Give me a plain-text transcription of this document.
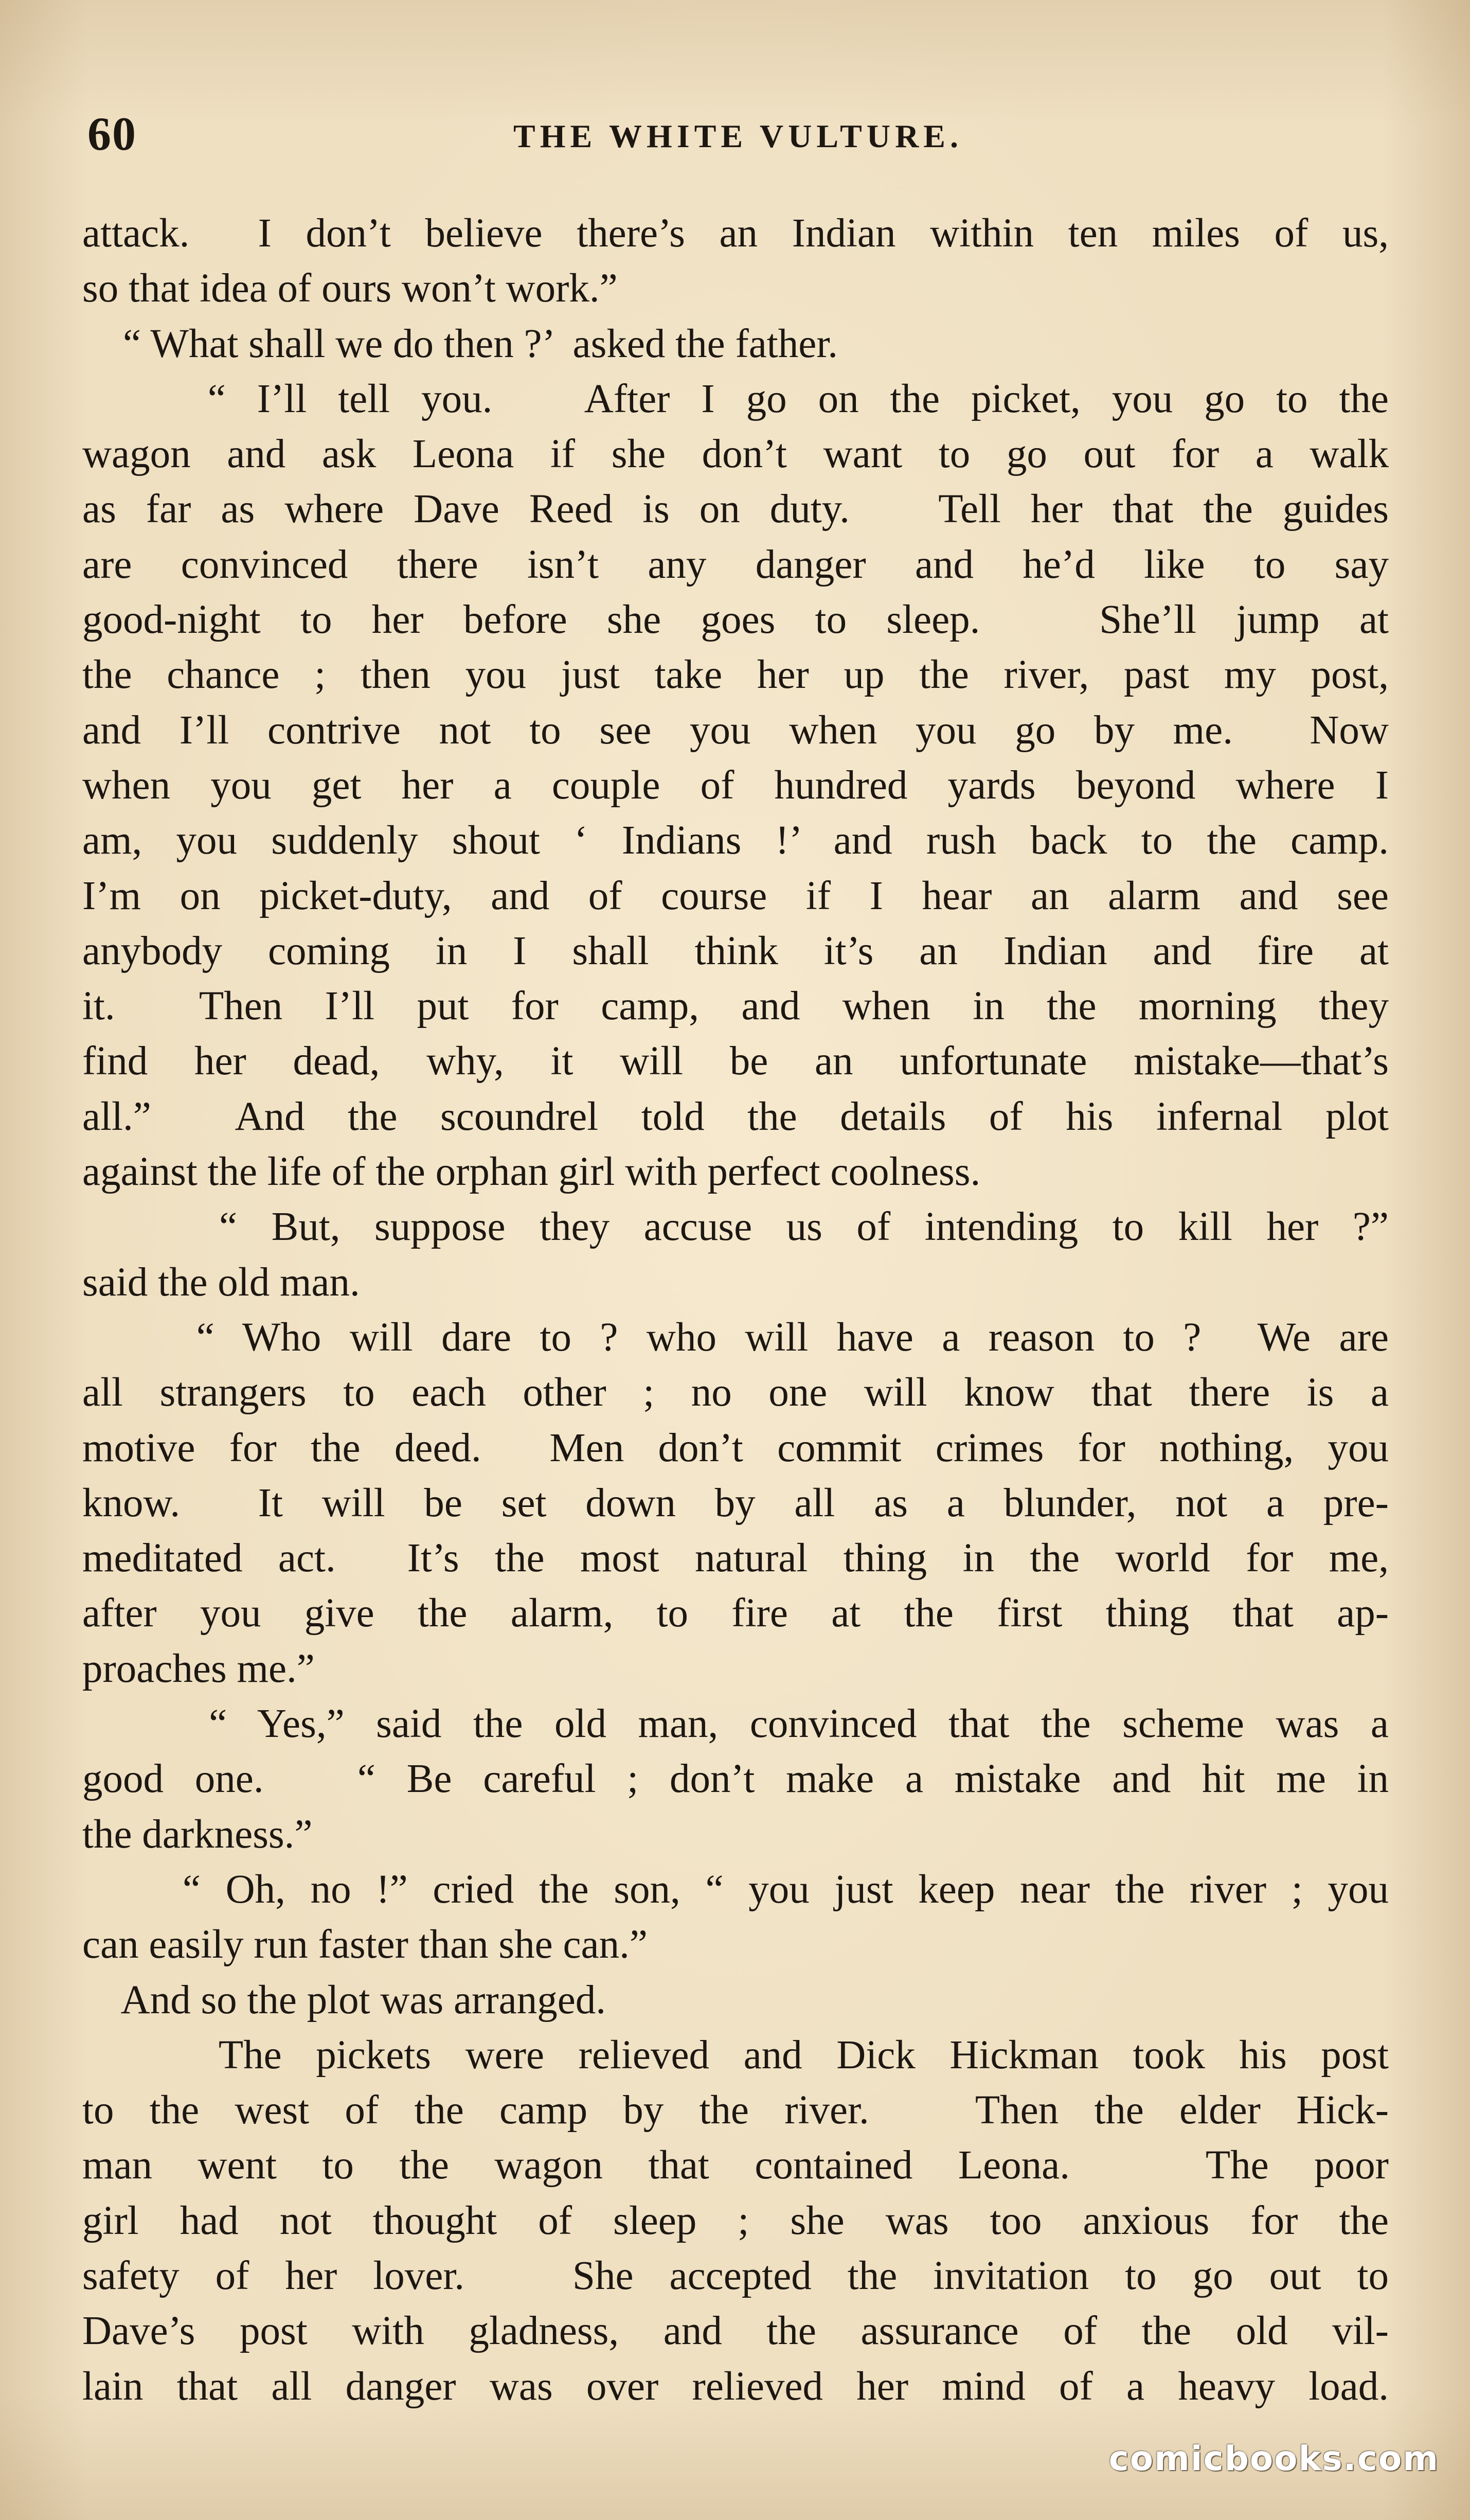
60	THE WHITE VULTURE.
attack.  I don’t believe there’s an Indian within ten miles of us,
so that idea of ours won’t work.”
“ What shall we do then ?’  asked the father.
“ I’ll tell you.   After I go on the picket, you go to the
wagon and ask Leona if she don’t want to go out for a walk
as far as where Dave Reed is on duty.   Tell her that the guides
are convinced there isn’t any danger and he’d like to say
good-night to her before she goes to sleep.   She’ll jump at
the chance ; then you just take her up the river, past my post,
and I’ll contrive not to see you when you go by me.  Now
when you get her a couple of hundred yards beyond where I
am, you suddenly shout ‘ Indians !’ and rush back to the camp.
I’m on picket-duty, and of course if I hear an alarm and see
anybody coming in I shall think it’s an Indian and fire at
it.  Then I’ll put for camp, and when in the morning they
find her dead, why, it will be an unfortunate mistake—that’s
all.”  And the scoundrel told the details of his infernal plot
against the life of the orphan girl with perfect coolness.
“ But, suppose they accuse us of intending to kill her ?”
said the old man.
“ Who will dare to ? who will have a reason to ?  We are
all strangers to each other ; no one will know that there is a
motive for the deed.  Men don’t commit crimes for nothing, you
know.  It will be set down by all as a blunder, not a pre-
meditated act.  It’s the most natural thing in the world for me,
after you give the alarm, to fire at the first thing that ap-
proaches me.”
“ Yes,” said the old man, convinced that the scheme was a
good one.   “ Be careful ; don’t make a mistake and hit me in
the darkness.”
“ Oh, no !” cried the son, “ you just keep near the river ; you
can easily run faster than she can.”
And so the plot was arranged.
The pickets were relieved and Dick Hickman took his post
to the west of the camp by the river.   Then the elder Hick-
man went to the wagon that contained Leona.   The poor
girl had not thought of sleep ; she was too anxious for the
safety of her lover.   She accepted the invitation to go out to
Dave’s post with gladness, and the assurance of the old vil-
lain that all danger was over relieved her mind of a heavy load.
comicbooks.com
